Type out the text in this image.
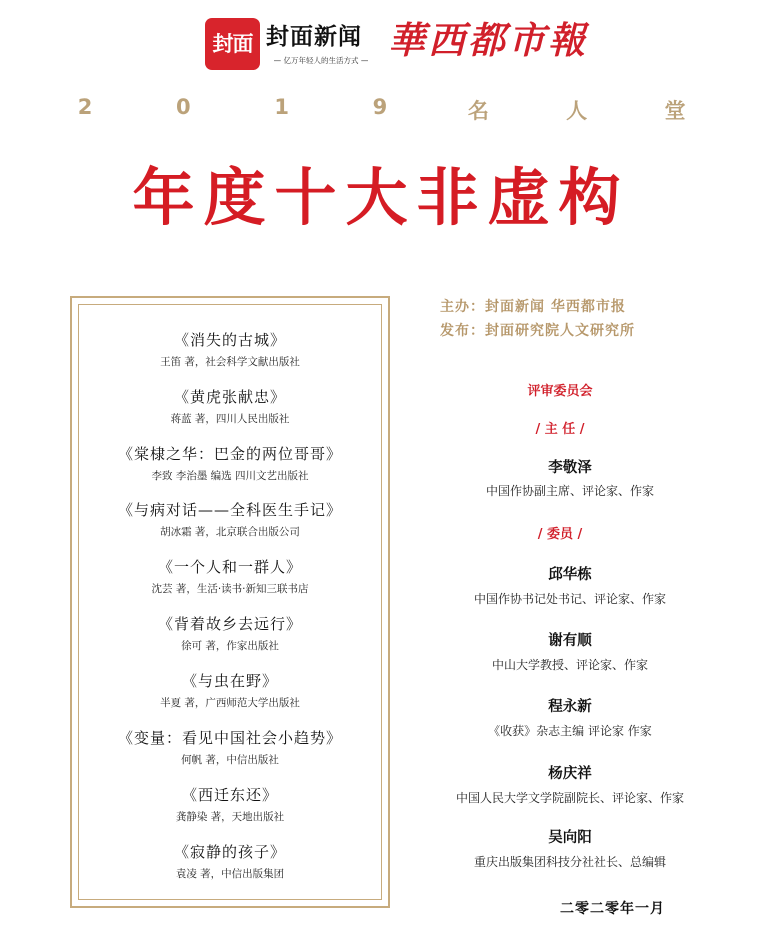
封面 封面新闻
— 亿万年轻人的生活方式 — 華西都市報
2	0	1	9	名	人	堂
年度十大非虚构
《消失的古城》
王笛 著，社会科学文献出版社
《黄虎张献忠》
蒋蓝 著，四川人民出版社
《棠棣之华：巴金的两位哥哥》
李致 李治墨 编选 四川文艺出版社
《与病对话——全科医生手记》
胡冰霜 著，北京联合出版公司
《一个人和一群人》
沈芸 著，生活·读书·新知三联书店
《背着故乡去远行》
徐可 著，作家出版社
《与虫在野》
半夏 著，广西师范大学出版社
《变量：看见中国社会小趋势》
何帆 著，中信出版社
《西迁东还》
龚静染 著，天地出版社
《寂静的孩子》
袁凌 著，中信出版集团
主办：封面新闻 华西都市报
发布：封面研究院人文研究所
评审委员会
/ 主 任 /
李敬泽
中国作协副主席、评论家、作家
/ 委员 /
邱华栋
中国作协书记处书记、评论家、作家
谢有顺
中山大学教授、评论家、作家
程永新
《收获》杂志主编 评论家 作家
杨庆祥
中国人民大学文学院副院长、评论家、作家
吴向阳
重庆出版集团科技分社社长、总编辑
二零二零年一月
